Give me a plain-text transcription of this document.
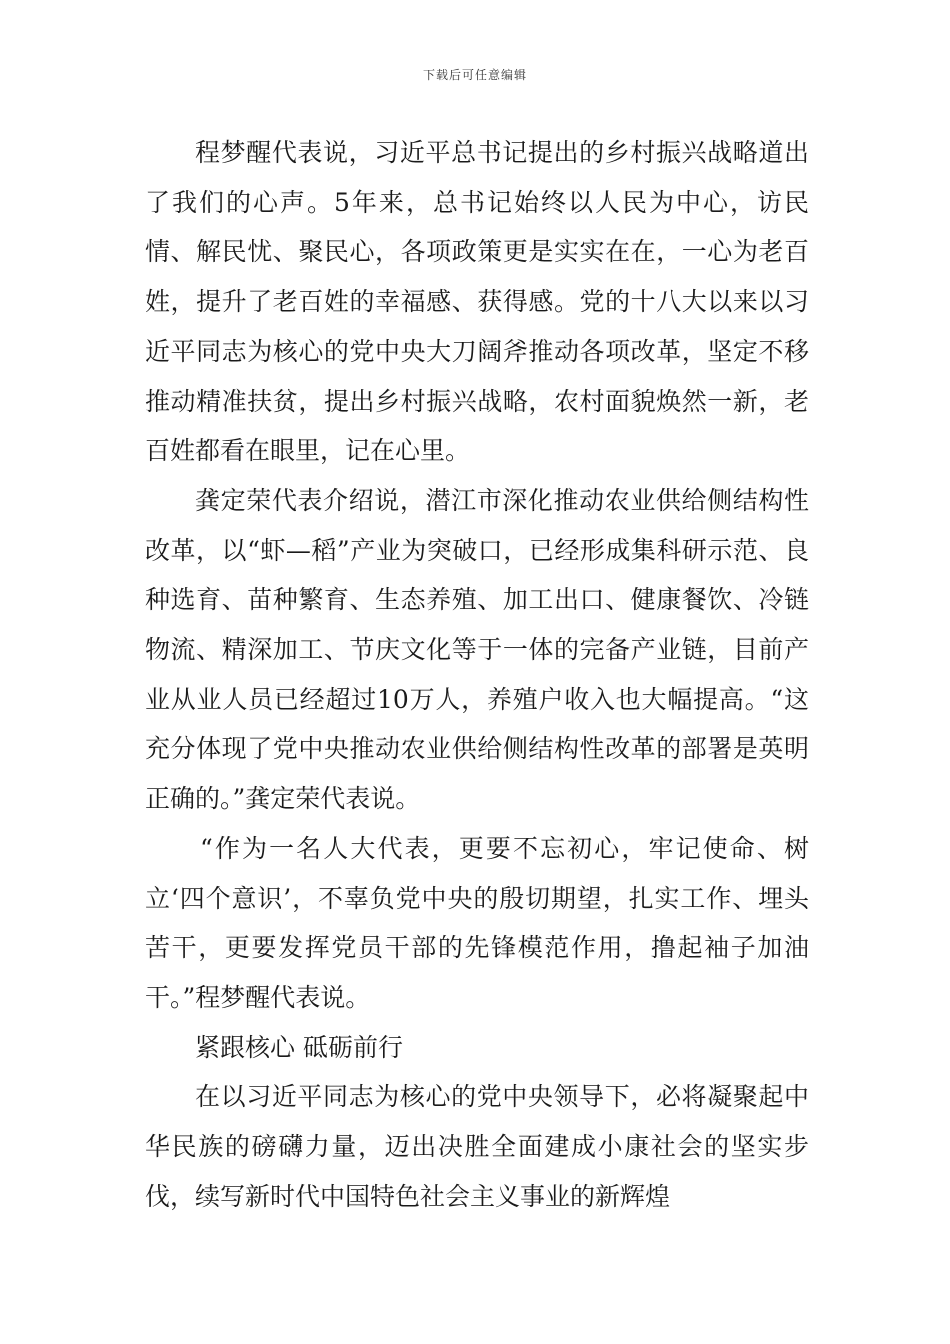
下载后可任意编辑

程梦醒代表说，习近平总书记提出的乡村振兴战略道出了我们的心声。5年来，总书记始终以人民为中心，访民情、解民忧、聚民心，各项政策更是实实在在，一心为老百姓，提升了老百姓的幸福感、获得感。党的十八大以来以习近平同志为核心的党中央大刀阔斧推动各项改革，坚定不移推动精准扶贫，提出乡村振兴战略，农村面貌焕然一新，老百姓都看在眼里，记在心里。

龚定荣代表介绍说，潜江市深化推动农业供给侧结构性改革，以“虾—稻”产业为突破口，已经形成集科研示范、良种选育、苗种繁育、生态养殖、加工出口、健康餐饮、冷链物流、精深加工、节庆文化等于一体的完备产业链，目前产业从业人员已经超过10万人，养殖户收入也大幅提高。“这充分体现了党中央推动农业供给侧结构性改革的部署是英明正确的。”龚定荣代表说。

“作为一名人大代表，更要不忘初心，牢记使命、树立‘四个意识’，不辜负党中央的殷切期望，扎实工作、埋头苦干，更要发挥党员干部的先锋模范作用，撸起袖子加油干。”程梦醒代表说。

紧跟核心 砥砺前行

在以习近平同志为核心的党中央领导下，必将凝聚起中华民族的磅礴力量，迈出决胜全面建成小康社会的坚实步伐，续写新时代中国特色社会主义事业的新辉煌
